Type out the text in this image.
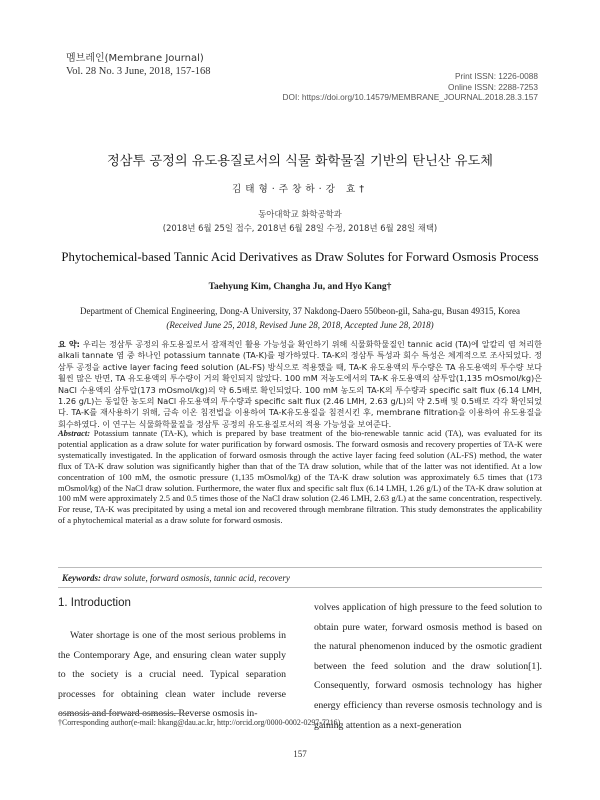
멤브레인(Membrane Journal)
Vol. 28 No. 3 June, 2018, 157-168	Print ISSN: 1226-0088
Online ISSN: 2288-7253
DOI: https://doi.org/10.14579/MEMBRANE_JOURNAL.2018.28.3.157
정삼투 공정의 유도용질로서의 식물 화학물질 기반의 탄닌산 유도체
김태형·주창하·강 효†
동아대학교 화학공학과
(2018년 6월 25일 접수, 2018년 6월 28일 수정, 2018년 6월 28일 채택)
Phytochemical-based Tannic Acid Derivatives as Draw Solutes for Forward Osmosis Process
Taehyung Kim, Changha Ju, and Hyo Kang†
Department of Chemical Engineering, Dong-A University, 37 Nakdong-Daero 550beon-gil, Saha-gu, Busan 49315, Korea
(Received June 25, 2018, Revised June 28, 2018, Accepted June 28, 2018)
요 약: 우리는 정삼투 공정의 유도용질로서 잠재적인 활용 가능성을 확인하기 위해 식물화학물질인 tannic acid (TA)에 알칼리 염 처리한 alkali tannate 염 중 하나인 potassium tannate (TA-K)를 평가하였다. TA-K의 정삼투 특성과 회수 특성은 체계적으로 조사되었다. 정삼투 공정을 active layer facing feed solution (AL-FS) 방식으로 적용했을 때, TA-K 유도용액의 투수량은 TA 유도용액의 투수량 보다 훨씬 많은 반면, TA 유도용액의 투수량이 거의 확인되지 않았다. 100 mM 저농도에서의 TA-K 유도용액의 삼투압(1,135 mOsmol/kg)은 NaCl 수용액의 삼투압(173 mOsmol/kg)의 약 6.5배로 확인되었다. 100 mM 농도의 TA-K의 투수량과 specific salt flux (6.14 LMH, 1.26 g/L)는 동일한 농도의 NaCl 유도용액의 투수량과 specific salt flux (2.46 LMH, 2.63 g/L)의 약 2.5배 및 0.5배로 각각 확인되었다. TA-K를 재사용하기 위해, 금속 이온 침전법을 이용하여 TA-K유도용질을 침전시킨 후, membrane filtration을 이용하여 유도용질을 회수하였다. 이 연구는 식물화학물질을 정삼투 공정의 유도용질로서의 적용 가능성을 보여준다.
Abstract: Potassium tannate (TA-K), which is prepared by base treatment of the bio-renewable tannic acid (TA), was evaluated for its potential application as a draw solute for water purification by forward osmosis. The forward osmosis and recovery properties of TA-K were systematically investigated. In the application of forward osmosis through the active layer facing feed solution (AL-FS) method, the water flux of TA-K draw solution was significantly higher than that of the TA draw solution, while that of the latter was not identified. At a low concentration of 100 mM, the osmotic pressure (1,135 mOsmol/kg) of the TA-K draw solution was approximately 6.5 times that (173 mOsmol/kg) of the NaCl draw solution. Furthermore, the water flux and specific salt flux (6.14 LMH, 1.26 g/L) of the TA-K draw solution at 100 mM were approximately 2.5 and 0.5 times those of the NaCl draw solution (2.46 LMH, 2.63 g/L) at the same concentration, respectively. For reuse, TA-K was precipitated by using a metal ion and recovered through membrane filtration. This study demonstrates the applicability of a phytochemical material as a draw solute for forward osmosis.
Keywords: draw solute, forward osmosis, tannic acid, recovery
1. Introduction
Water shortage is one of the most serious problems in the Contemporary Age, and ensuring clean water supply to the society is a crucial need. Typical separation processes for obtaining clean water include reverse osmosis and forward osmosis. Reverse osmosis in-
volves application of high pressure to the feed solution to obtain pure water, forward osmosis method is based on the natural phenomenon induced by the osmotic gradient between the feed solution and the draw solution[1]. Consequently, forward osmosis technology has higher energy efficiency than reverse osmosis technology and is gaining attention as a next-generation
†Corresponding author(e-mail: hkang@dau.ac.kr, http://orcid.org/0000-0002-0297-7216)
157
